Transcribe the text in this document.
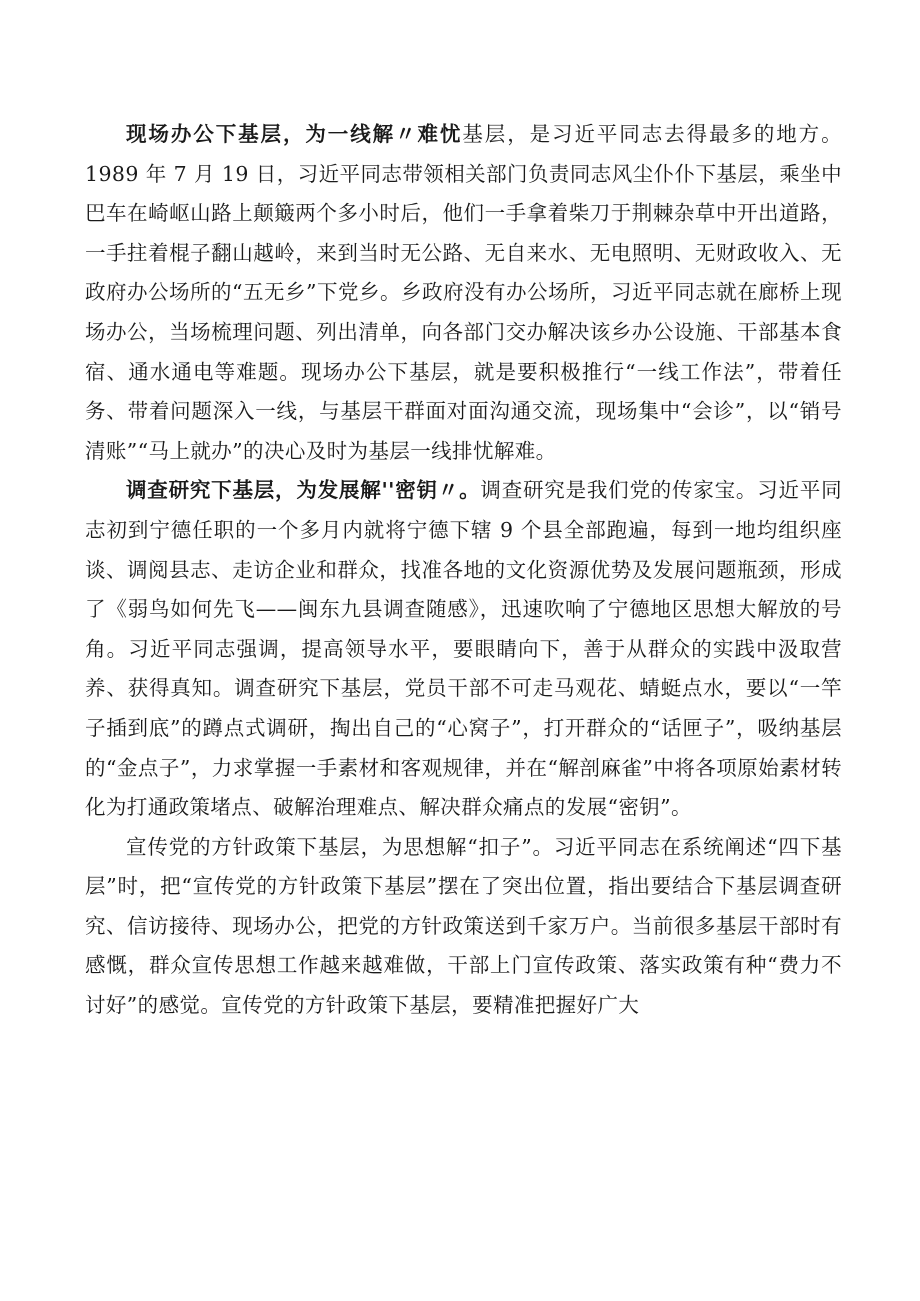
现场办公下基层，为一线解〃难忧基层，是习近平同志去得最多的地方。1989 年 7 月 19 日，习近平同志带领相关部门负责同志风尘仆仆下基层，乘坐中巴车在崎岖山路上颠簸两个多小时后，他们一手拿着柴刀于荆棘杂草中开出道路，一手拄着棍子翻山越岭，来到当时无公路、无自来水、无电照明、无财政收入、无政府办公场所的“五无乡”下党乡。乡政府没有办公场所，习近平同志就在廊桥上现场办公，当场梳理问题、列出清单，向各部门交办解决该乡办公设施、干部基本食宿、通水通电等难题。现场办公下基层，就是要积极推行“一线工作法”，带着任务、带着问题深入一线，与基层干群面对面沟通交流，现场集中“会诊”，以“销号清账”“马上就办”的决心及时为基层一线排忧解难。

调查研究下基层，为发展解''密钥〃。调查研究是我们党的传家宝。习近平同志初到宁德任职的一个多月内就将宁德下辖 9 个县全部跑遍，每到一地均组织座谈、调阅县志、走访企业和群众，找准各地的文化资源优势及发展问题瓶颈，形成了《弱鸟如何先飞——闽东九县调查随感》，迅速吹响了宁德地区思想大解放的号角。习近平同志强调，提高领导水平，要眼睛向下，善于从群众的实践中汲取营养、获得真知。调查研究下基层，党员干部不可走马观花、蜻蜓点水，要以“一竿子插到底”的蹲点式调研，掏出自己的“心窝子”，打开群众的“话匣子”，吸纳基层的“金点子”，力求掌握一手素材和客观规律，并在“解剖麻雀”中将各项原始素材转化为打通政策堵点、破解治理难点、解决群众痛点的发展“密钥”。

宣传党的方针政策下基层，为思想解“扣子”。习近平同志在系统阐述“四下基层”时，把“宣传党的方针政策下基层”摆在了突出位置，指出要结合下基层调查研究、信访接待、现场办公，把党的方针政策送到千家万户。当前很多基层干部时有感慨，群众宣传思想工作越来越难做，干部上门宣传政策、落实政策有种“费力不讨好”的感觉。宣传党的方针政策下基层，要精准把握好广大
